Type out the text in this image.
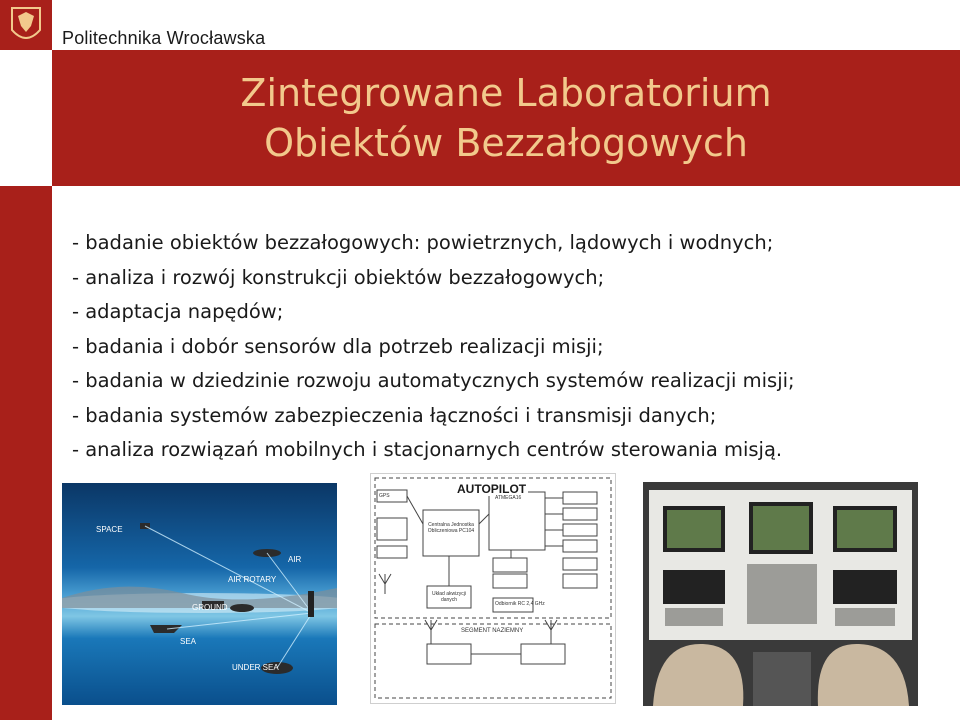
Politechnika Wrocławska
Zintegrowane Laboratorium
Obiektów Bezzałogowych
- badanie obiektów bezzałogowych: powietrznych, lądowych i wodnych;
- analiza i rozwój konstrukcji obiektów bezzałogowych;
- adaptacja napędów;
- badania i dobór sensorów dla potrzeb realizacji misji;
- badania w dziedzinie rozwoju automatycznych systemów realizacji misji;
- badania systemów zabezpieczenia łączności i transmisji danych;
- analiza rozwiązań mobilnych i stacjonarnych centrów sterowania misją.
SPACE
AIR
AIR ROTARY
GROUND
SEA
UNDER SEA
AUTOPILOT
GPS	ATMEGA16
Centralna Jednostka Obliczeniowa PC104
SEGMENT NAZIEMNY
Odbiornik RC 2,4 GHz
Układ akwizycji danych
